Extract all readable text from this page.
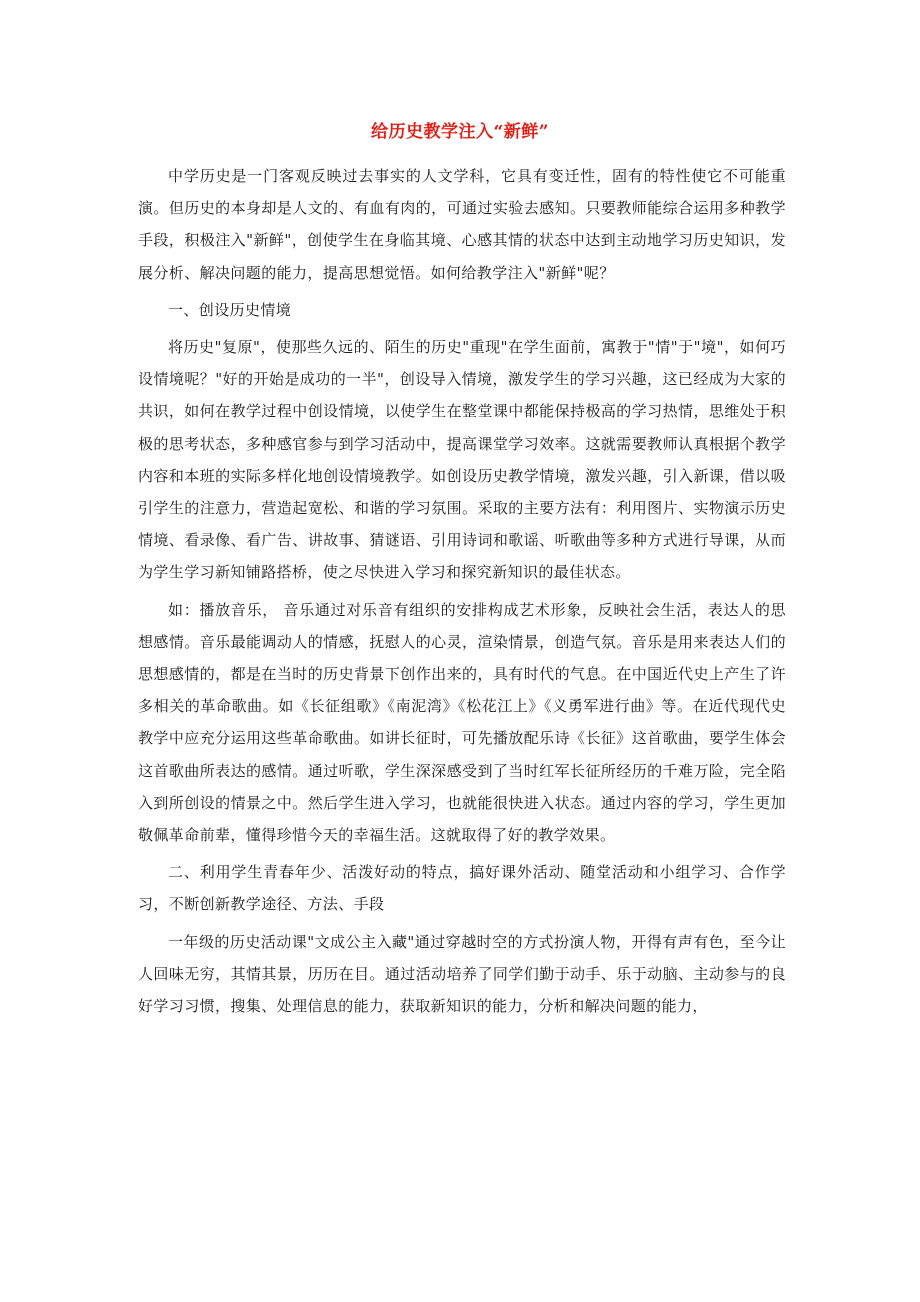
给历史教学注入“新鲜”

中学历史是一门客观反映过去事实的人文学科，它具有变迁性，固有的特性使它不可能重演。但历史的本身却是人文的、有血有肉的，可通过实验去感知。只要教师能综合运用多种教学手段，积极注入"新鲜"，创使学生在身临其境、心感其情的状态中达到主动地学习历史知识，发展分析、解决问题的能力，提高思想觉悟。如何给教学注入"新鲜"呢？

一、创设历史情境

将历史"复原"，使那些久远的、陌生的历史"重现"在学生面前，寓教于"情"于"境"，如何巧设情境呢？"好的开始是成功的一半"，创设导入情境，激发学生的学习兴趣，这已经成为大家的共识，如何在教学过程中创设情境，以使学生在整堂课中都能保持极高的学习热情，思维处于积极的思考状态，多种感官参与到学习活动中，提高课堂学习效率。这就需要教师认真根据个教学内容和本班的实际多样化地创设情境教学。如创设历史教学情境，激发兴趣，引入新课，借以吸引学生的注意力，营造起宽松、和谐的学习氛围。采取的主要方法有：利用图片、实物演示历史情境、看录像、看广告、讲故事、猜谜语、引用诗词和歌谣、听歌曲等多种方式进行导课，从而为学生学习新知铺路搭桥，使之尽快进入学习和探究新知识的最佳状态。

如：播放音乐， 音乐通过对乐音有组织的安排构成艺术形象，反映社会生活，表达人的思想感情。音乐最能调动人的情感，抚慰人的心灵，渲染情景，创造气氛。音乐是用来表达人们的思想感情的，都是在当时的历史背景下创作出来的，具有时代的气息。在中国近代史上产生了许多相关的革命歌曲。如《长征组歌》《南泥湾》《松花江上》《义勇军进行曲》等。在近代现代史教学中应充分运用这些革命歌曲。如讲长征时，可先播放配乐诗《长征》这首歌曲，要学生体会这首歌曲所表达的感情。通过听歌，学生深深感受到了当时红军长征所经历的千难万险，完全陷入到所创设的情景之中。然后学生进入学习，也就能很快进入状态。通过内容的学习，学生更加敬佩革命前辈，懂得珍惜今天的幸福生活。这就取得了好的教学效果。

二、利用学生青春年少、活泼好动的特点，搞好课外活动、随堂活动和小组学习、合作学习，不断创新教学途径、方法、手段

一年级的历史活动课"文成公主入藏"通过穿越时空的方式扮演人物，开得有声有色，至今让人回味无穷，其情其景，历历在目。通过活动培养了同学们勤于动手、乐于动脑、主动参与的良好学习习惯，搜集、处理信息的能力，获取新知识的能力，分析和解决问题的能力，
